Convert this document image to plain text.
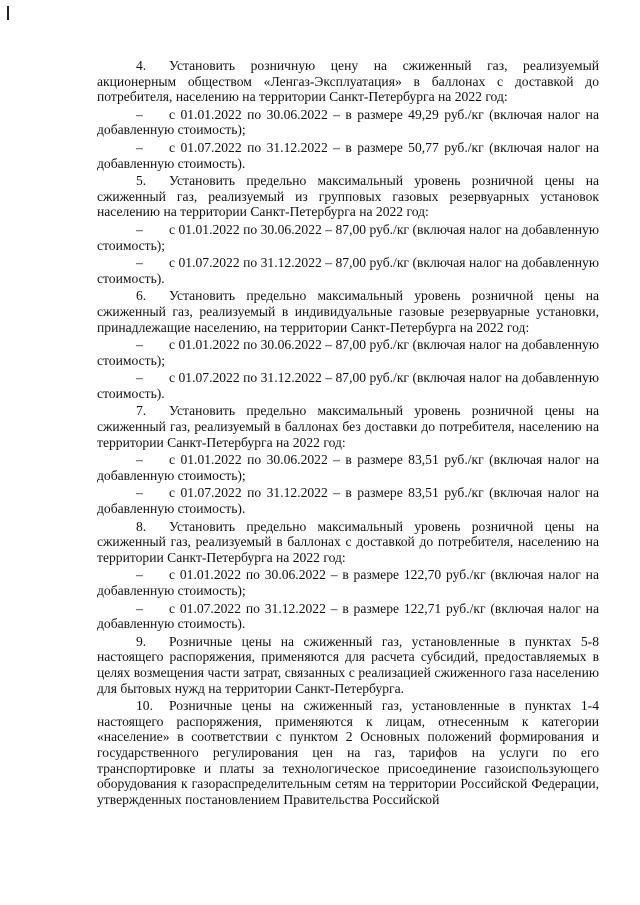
4. Установить розничную цену на сжиженный газ, реализуемый акционерным обществом «Ленгаз-Эксплуатация» в баллонах с доставкой до потребителя, населению на территории Санкт-Петербурга на 2022 год:

– с 01.01.2022 по 30.06.2022 – в размере 49,29 руб./кг (включая налог на добавленную стоимость);

– с 01.07.2022 по 31.12.2022 – в размере 50,77 руб./кг (включая налог на добавленную стоимость).

5. Установить предельно максимальный уровень розничной цены на сжиженный газ, реализуемый из групповых газовых резервуарных установок населению на территории Санкт-Петербурга на 2022 год:

– с 01.01.2022 по 30.06.2022 – 87,00 руб./кг (включая налог на добавленную стоимость);

– с 01.07.2022 по 31.12.2022 – 87,00 руб./кг (включая налог на добавленную стоимость).

6. Установить предельно максимальный уровень розничной цены на сжиженный газ, реализуемый в индивидуальные газовые резервуарные установки, принадлежащие населению, на территории Санкт-Петербурга на 2022 год:

– с 01.01.2022 по 30.06.2022 – 87,00 руб./кг (включая налог на добавленную стоимость);

– с 01.07.2022 по 31.12.2022 – 87,00 руб./кг (включая налог на добавленную стоимость).

7. Установить предельно максимальный уровень розничной цены на сжиженный газ, реализуемый в баллонах без доставки до потребителя, населению на территории Санкт-Петербурга на 2022 год:

– с 01.01.2022 по 30.06.2022 – в размере 83,51 руб./кг (включая налог на добавленную стоимость);

– с 01.07.2022 по 31.12.2022 – в размере 83,51 руб./кг (включая налог на добавленную стоимость).

8. Установить предельно максимальный уровень розничной цены на сжиженный газ, реализуемый в баллонах с доставкой до потребителя, населению на территории Санкт-Петербурга на 2022 год:

– с 01.01.2022 по 30.06.2022 – в размере 122,70 руб./кг (включая налог на добавленную стоимость);

– с 01.07.2022 по 31.12.2022 – в размере 122,71 руб./кг (включая налог на добавленную стоимость).

9. Розничные цены на сжиженный газ, установленные в пунктах 5-8 настоящего распоряжения, применяются для расчета субсидий, предоставляемых в целях возмещения части затрат, связанных с реализацией сжиженного газа населению для бытовых нужд на территории Санкт-Петербурга.

10. Розничные цены на сжиженный газ, установленные в пунктах 1-4 настоящего распоряжения, применяются к лицам, отнесенным к категории «население» в соответствии с пунктом 2 Основных положений формирования и государственного регулирования цен на газ, тарифов на услуги по его транспортировке и платы за технологическое присоединение газоиспользующего оборудования к газораспределительным сетям на территории Российской Федерации, утвержденных постановлением Правительства Российской
